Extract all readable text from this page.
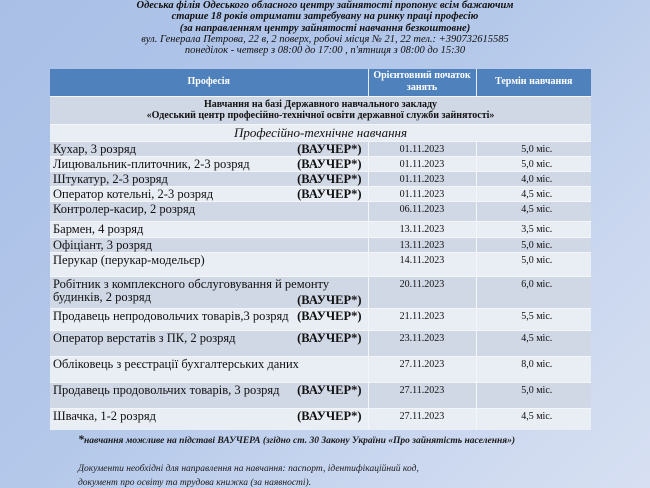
Одеська філія Одеського обласного центру зайнятості пропонує всім бажаючим
старше 18 років отримати затребувану на ринку праці професію
(за направленням центру зайнятості навчання безкоштовне)
вул. Генерала Петрова, 22 в, 2 поверх, робочі місця № 21, 22 тел.: +390732615585
понеділок - четвер з 08:00 до 17:00 , п'ятниця з 08:00 до 15:30
Професія	Орієнтовний початок занять	Термін навчання

Навчання на базі Державного навчального закладу
«Одеський центр професійно-технічної освіти державної служби зайнятості»		

Професійно-технічне навчання		
Кухар, 3 розряд (ВАУЧЕР*)	01.11.2023	5,0 міс.
Лицювальник-плиточник, 2-3 розряд (ВАУЧЕР*)	01.11.2023	5,0 міс.
Штукатур, 2-3 розряд (ВАУЧЕР*)	01.11.2023	4,0 міс.
Оператор котельні, 2-3 розряд (ВАУЧЕР*)	01.11.2023	4,5 міс.
Контролер-касир, 2 розряд	06.11.2023	4,5 міс.
Бармен, 4 розряд	13.11.2023	3,5 міс.
Офіціант, 3 розряд	13.11.2023	5,0 міс.
Перукар (перукар-модельєр)	14.11.2023	5,0 міс.

Робітник з комплексного обслуговування й ремонту будинків, 2 розряд (ВАУЧЕР*)	20.11.2023	6,0 міс.
Продавець непродовольчих товарів,3 розряд (ВАУЧЕР*)	21.11.2023	5,5 міс.
Оператор верстатів з ПК, 2 розряд (ВАУЧЕР*)	23.11.2023	4,5 міс.
Обліковець з реєстрації бухгалтерських даних	27.11.2023	8,0 міс.
Продавець продовольчих товарів, 3 розряд (ВАУЧЕР*)	27.11.2023	5,0 міс.
Швачка, 1-2 розряд (ВАУЧЕР*)	27.11.2023	4,5 міс.
*навчання можливе на підставі ВАУЧЕРА (згідно ст. 30 Закону України «Про зайнятість населення»)
Документи необхідні для направлення на навчання: паспорт, ідентифікаційний код,
документ про освіту та трудова книжка (за наявності).
